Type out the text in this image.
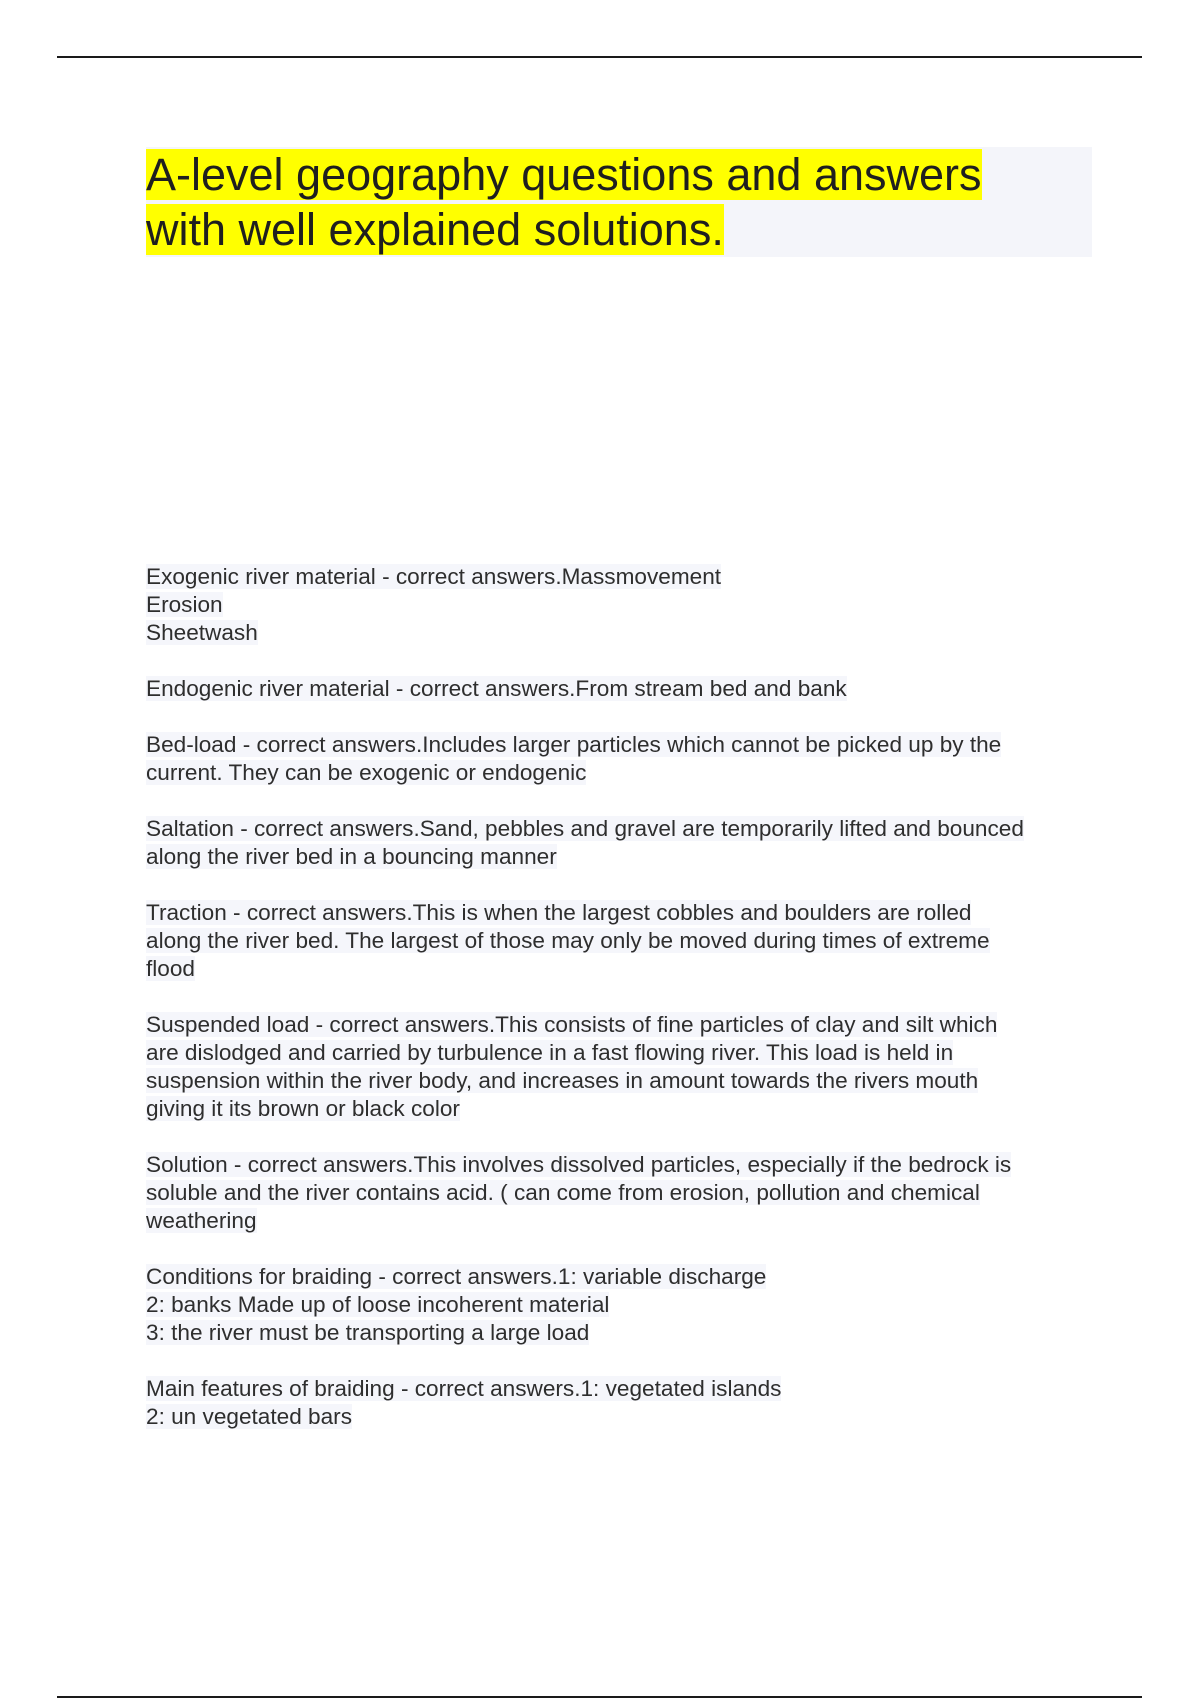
A-level geography questions and answers
with well explained solutions.
Exogenic river material - correct answers.Massmovement
Erosion
Sheetwash
Endogenic river material - correct answers.From stream bed and bank
Bed-load - correct answers.Includes larger particles which cannot be picked up by the
current. They can be exogenic or endogenic
Saltation - correct answers.Sand, pebbles and gravel are temporarily lifted and bounced
along the river bed in a bouncing manner
Traction - correct answers.This is when the largest cobbles and boulders are rolled
along the river bed. The largest of those may only be moved during times of extreme
flood
Suspended load - correct answers.This consists of fine particles of clay and silt which
are dislodged and carried by turbulence in a fast flowing river. This load is held in
suspension within the river body, and increases in amount towards the rivers mouth
giving it its brown or black color
Solution - correct answers.This involves dissolved particles, especially if the bedrock is
soluble and the river contains acid. ( can come from erosion, pollution and chemical
weathering
Conditions for braiding - correct answers.1: variable discharge
2: banks Made up of loose incoherent material
3: the river must be transporting a large load
Main features of braiding - correct answers.1: vegetated islands
2: un vegetated bars
